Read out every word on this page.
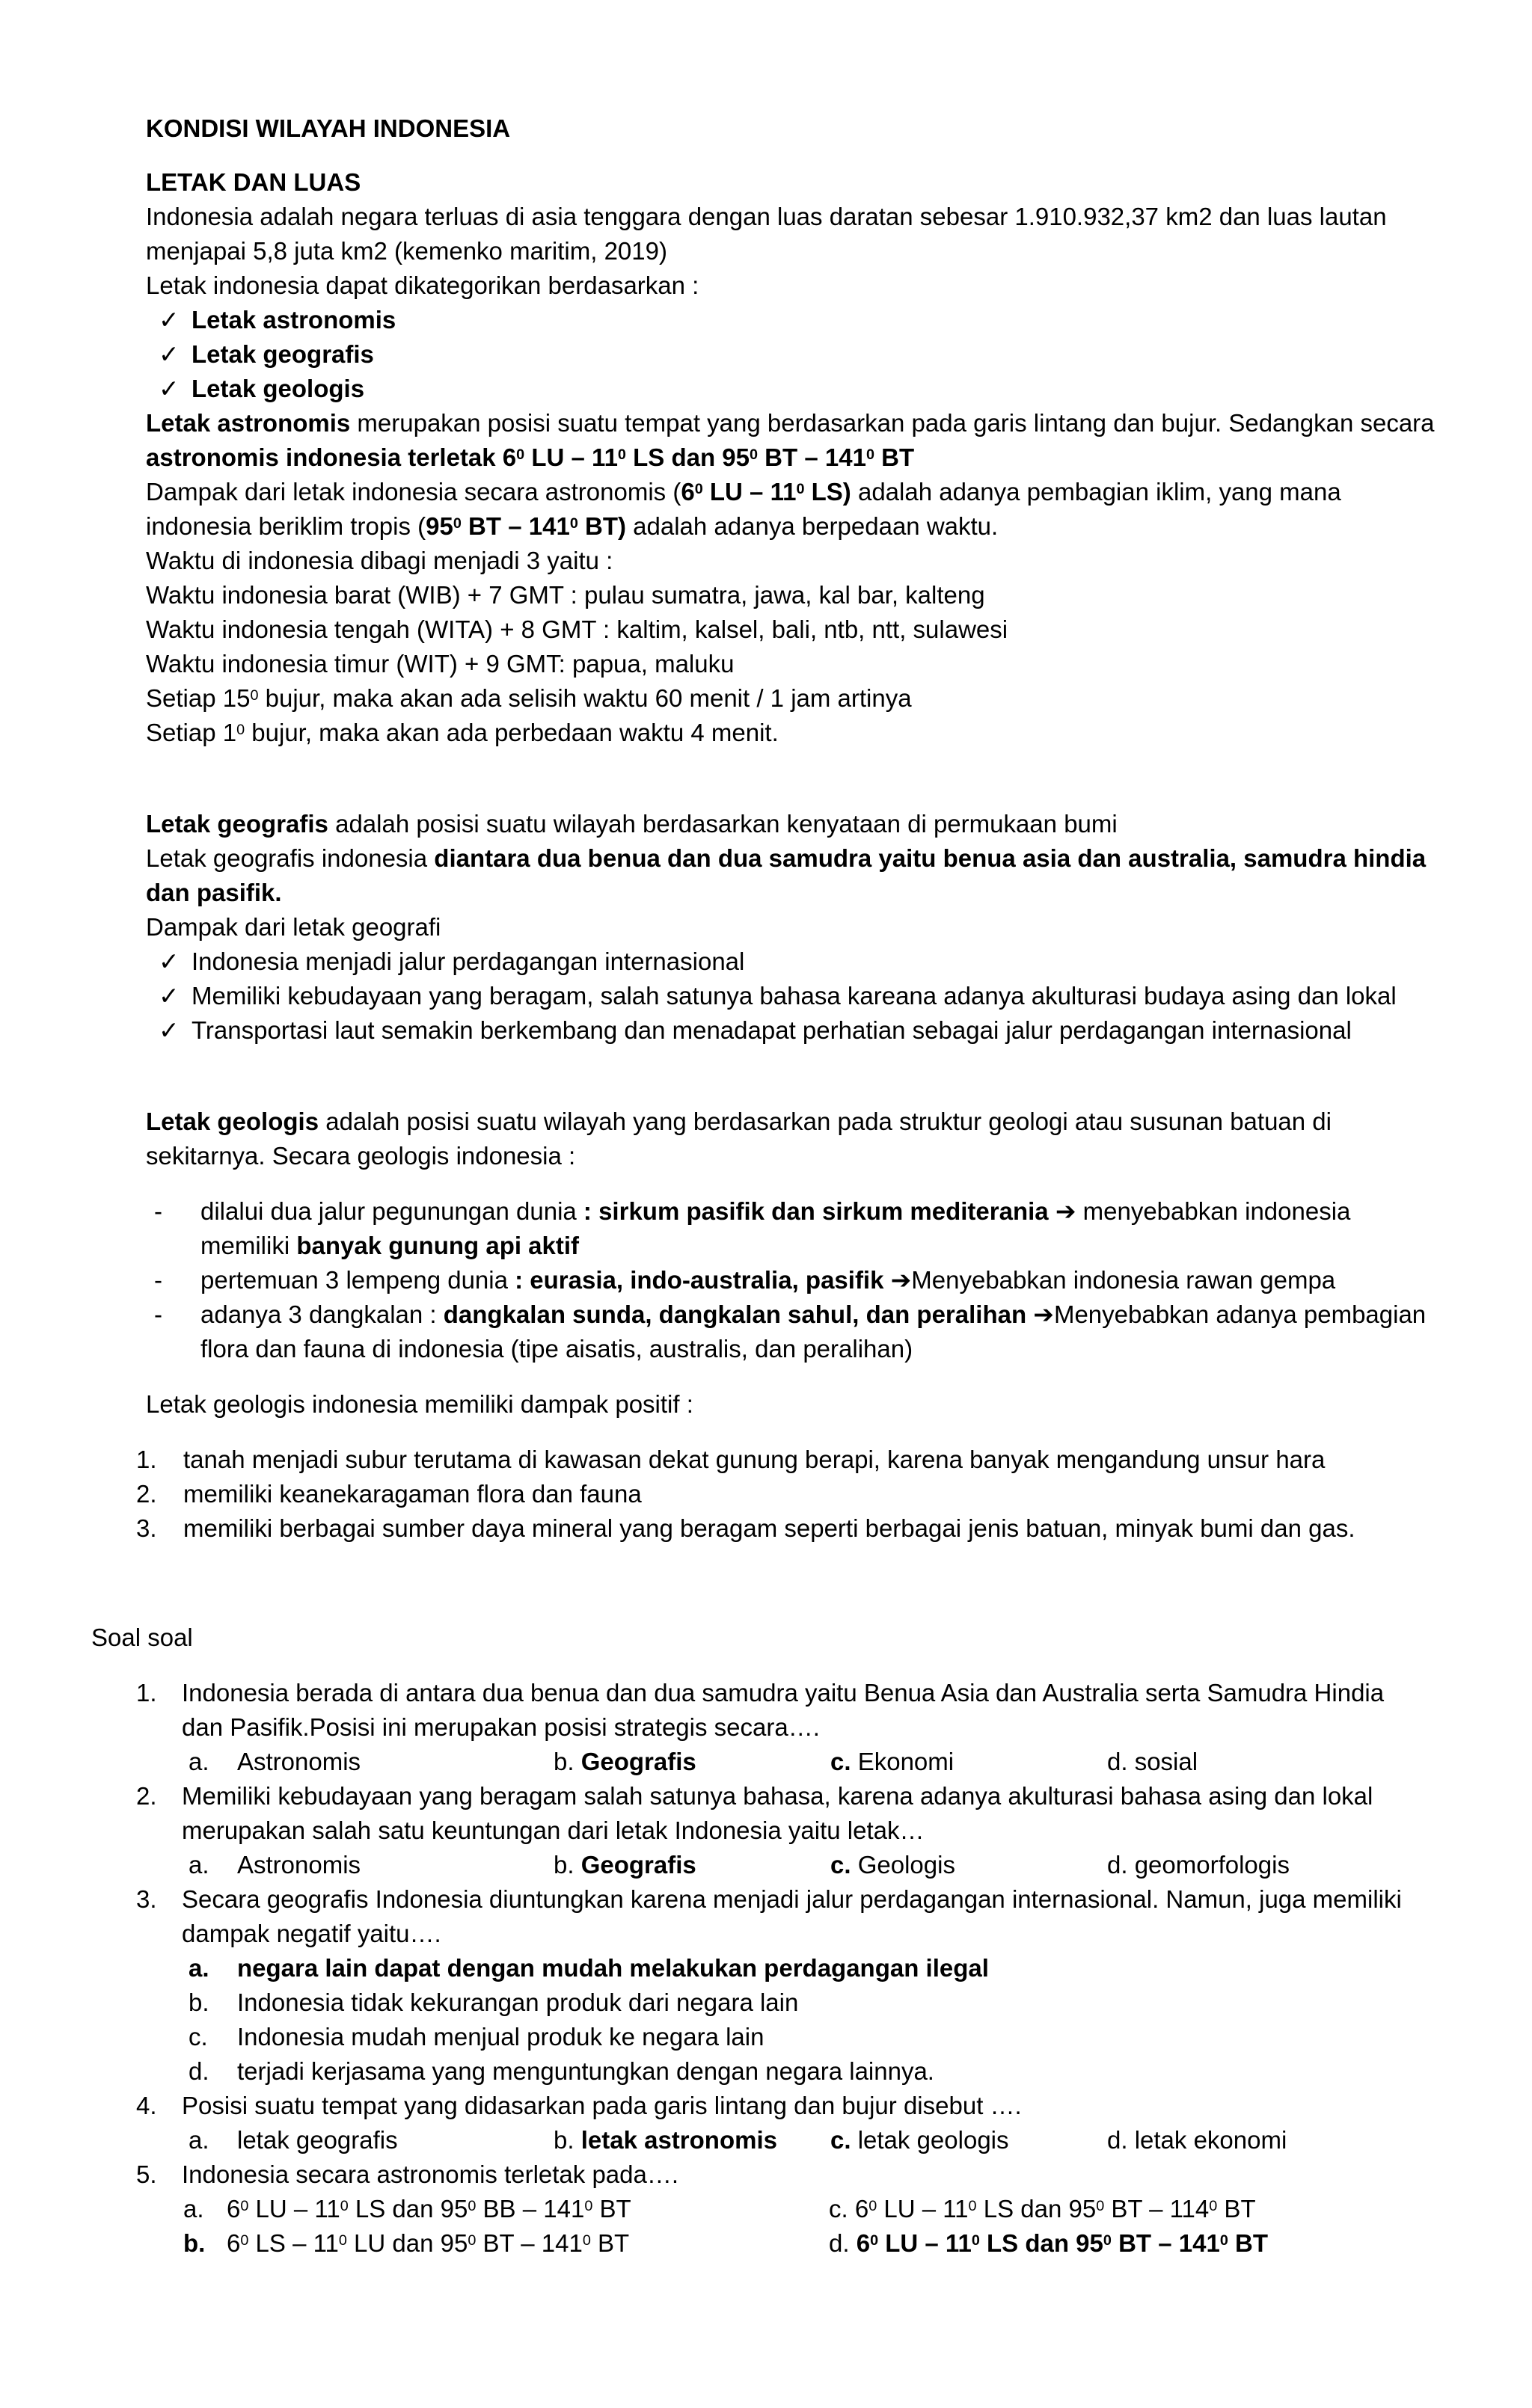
KONDISI WILAYAH INDONESIA
LETAK DAN LUAS
Indonesia adalah negara terluas di asia tenggara dengan luas daratan sebesar 1.910.932,37 km2 dan luas lautan
menjapai 5,8 juta km2 (kemenko maritim, 2019)
Letak indonesia dapat dikategorikan berdasarkan :
✓ Letak astronomis
✓ Letak geografis
✓ Letak geologis
Letak astronomis merupakan posisi suatu tempat yang berdasarkan pada garis lintang dan bujur. Sedangkan secara
astronomis indonesia terletak $6^0$ LU – $11^0$ LS dan $95^0$ BT – $141^0$ BT
Dampak dari letak indonesia secara astronomis ($6^0$ LU – $11^0$ LS) adalah adanya pembagian iklim, yang mana
indonesia beriklim tropis ($95^0$ BT – $141^0$ BT) adalah adanya berpedaan waktu.
Waktu di indonesia dibagi menjadi 3 yaitu :
Waktu indonesia barat (WIB) + 7 GMT : pulau sumatra, jawa, kal bar, kalteng
Waktu indonesia tengah (WITA) + 8 GMT : kaltim, kalsel, bali, ntb, ntt, sulawesi
Waktu indonesia timur (WIT) + 9 GMT: papua, maluku
Setiap $15^0$ bujur, maka akan ada selisih waktu 60 menit / 1 jam artinya
Setiap $1^0$ bujur, maka akan ada perbedaan waktu 4 menit.
Letak geografis adalah posisi suatu wilayah berdasarkan kenyataan di permukaan bumi
Letak geografis indonesia diantara dua benua dan dua samudra yaitu benua asia dan australia, samudra hindia
dan pasifik.
Dampak dari letak geografi
✓ Indonesia menjadi jalur perdagangan internasional
✓ Memiliki kebudayaan yang beragam, salah satunya bahasa kareana adanya akulturasi budaya asing dan lokal
✓ Transportasi laut semakin berkembang dan menadapat perhatian sebagai jalur perdagangan internasional
Letak geologis adalah posisi suatu wilayah yang berdasarkan pada struktur geologi atau susunan batuan di
sekitarnya. Secara geologis indonesia :
- dilalui dua jalur pegunungan dunia : sirkum pasifik dan sirkum mediterania ➔ menyebabkan indonesia
memiliki banyak gunung api aktif
- pertemuan 3 lempeng dunia : eurasia, indo-australia, pasifik ➔Menyebabkan indonesia rawan gempa
- adanya 3 dangkalan : dangkalan sunda, dangkalan sahul, dan peralihan ➔Menyebabkan adanya pembagian
flora dan fauna di indonesia (tipe aisatis, australis, dan peralihan)
Letak geologis indonesia memiliki dampak positif :
1. tanah menjadi subur terutama di kawasan dekat gunung berapi, karena banyak mengandung unsur hara
2. memiliki keanekaragaman flora dan fauna
3. memiliki berbagai sumber daya mineral yang beragam seperti berbagai jenis batuan, minyak bumi dan gas.
Soal soal
1. Indonesia berada di antara dua benua dan dua samudra yaitu Benua Asia dan Australia serta Samudra Hindia
dan Pasifik.Posisi ini merupakan posisi strategis secara….
a. Astronomis	b. Geografis	c. Ekonomi	d. sosial
2. Memiliki kebudayaan yang beragam salah satunya bahasa, karena adanya akulturasi bahasa asing dan lokal
merupakan salah satu keuntungan dari letak Indonesia yaitu letak…
a. Astronomis	b. Geografis	c. Geologis	d. geomorfologis
3. Secara geografis Indonesia diuntungkan karena menjadi jalur perdagangan internasional. Namun, juga memiliki
dampak negatif yaitu….
a. negara lain dapat dengan mudah melakukan perdagangan ilegal
b. Indonesia tidak kekurangan produk dari negara lain
c. Indonesia mudah menjual produk ke negara lain
d. terjadi kerjasama yang menguntungkan dengan negara lainnya.
4. Posisi suatu tempat yang didasarkan pada garis lintang dan bujur disebut ….
a. letak geografis	b. letak astronomis c. letak geologis	d. letak ekonomi
5. Indonesia secara astronomis terletak pada….
a. $6^0$ LU – $11^0$ LS dan $95^0$ BB – $141^0$ BT	c. $6^0$ LU – $11^0$ LS dan $95^0$ BT – $114^0$ BT
b. $6^0$ LS – $11^0$ LU dan $95^0$ BT – $141^0$ BT	d. $6^0$ LU – $11^0$ LS dan $95^0$ BT – $141^0$ BT
